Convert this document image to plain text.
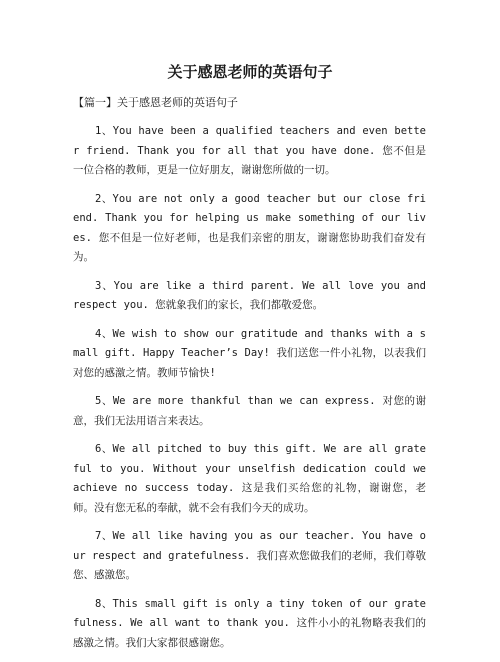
关于感恩老师的英语句子

【篇一】关于感恩老师的英语句子

1、You have been a qualified teachers and even better friend. Thank you for all that you have done. 您不但是一位合格的教师，更是一位好朋友，谢谢您所做的一切。

2、You are not only a good teacher but our close friend. Thank you for helping us make something of our lives. 您不但是一位好老师，也是我们亲密的朋友，谢谢您协助我们奋发有为。

3、You are like a third parent. We all love you and respect you. 您就象我们的家长，我们都敬爱您。

4、We wish to show our gratitude and thanks with a small gift. Happy Teacher’s Day! 我们送您一件小礼物，以表我们对您的感激之情。教师节愉快!

5、We are more thankful than we can express. 对您的谢意，我们无法用语言来表达。

6、We all pitched to buy this gift. We are all grateful to you. Without your unselfish dedication could we achieve no success today. 这是我们买给您的礼物，谢谢您，老师。没有您无私的奉献，就不会有我们今天的成功。

7、We all like having you as our teacher. You have our respect and gratefulness. 我们喜欢您做我们的老师，我们尊敬您、感激您。

8、This small gift is only a tiny token of our gratefulness. We all want to thank you. 这件小小的礼物略表我们的感激之情。我们大家都很感谢您。
